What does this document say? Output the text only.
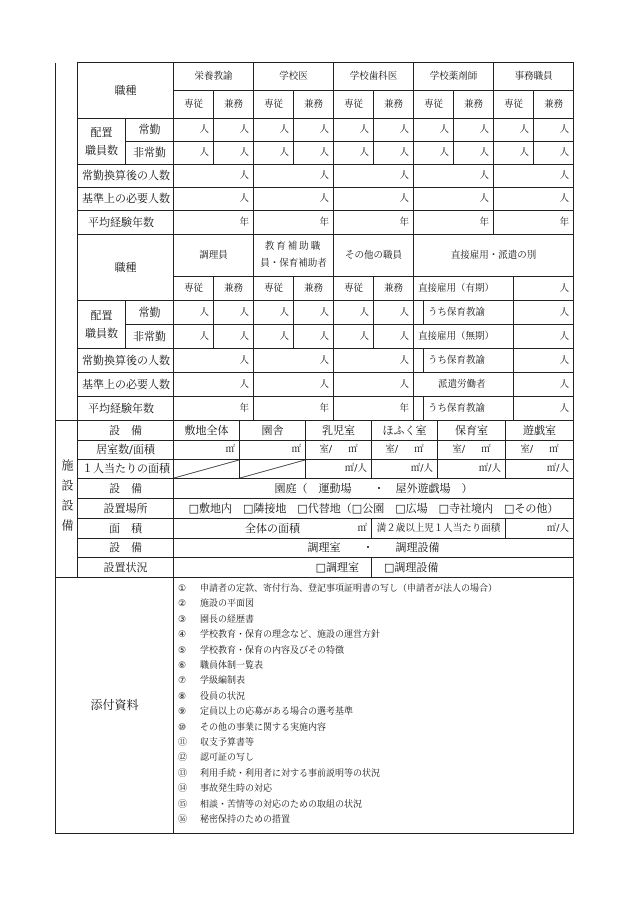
	職種		栄養教諭		学校医		学校歯科医		学校薬剤師		事務職員	
			専従	兼務	専従	兼務	専従	兼務	専従	兼務	専従	兼務
	配置
職員数	常勤	人	人	人	人	人	人	人	人	人	人
		非常勤	人	人	人	人	人	人	人	人	人	人
	常勤換算後の人数		人		人		人		人		人	
	基準上の必要人数		人		人		人		人		人	
	平均経験年数		年		年		年		年		年	
	職種		調理員		教育補助職
員・保育補助者		その他の職員		直接雇用・派遣の別		
			専従	兼務	専従	兼務	専従	兼務	直接雇用（有期）		人
	配置
職員数	常勤	人	人	人	人	人	人		うち保育教諭	人
		非常勤	人	人	人	人	人	人	直接雇用（無期）		人
	常勤換算後の人数		人		人		人			うち保育教諭	人
	基準上の必要人数		人		人		人		派遣労働者		人
	平均経験年数		年		年		年			うち保育教諭	人
施設設備	設　備	敷地全体	園舎	乳児室	ほふく室	保育室	遊戯室
	居室数/面積	㎡	㎡	室/ ㎡	室/ ㎡	室/ ㎡	室/ ㎡
	１人当たりの面積			㎡/人	㎡/人	㎡/人	㎡/人
	設　備	園庭（　運動場　　・　屋外遊戯場　）					
	設置場所	□敷地内　□隣接地　□代替地（□公園　□広場　□寺社境内　□その他）					
	面　積	全体の面積 ㎡			満２歳以上児１人当たり面積		㎡/人
	設　備	調理室　　・　　調理設備					
	設置状況	□調理室			□調理設備		
添付資料	
① 申請者の定款、寄付行為、登記事項証明書の写し（申請者が法人の場合）
② 施設の平面図
③ 園長の経歴書
④ 学校教育・保育の理念など、施設の運営方針
⑤ 学校教育・保育の内容及びその特徴
⑥ 職員体制一覧表
⑦ 学級編制表
⑧ 役員の状況
⑨ 定員以上の応募がある場合の選考基準
⑩ その他の事業に関する実施内容
⑪ 収支予算書等
⑫ 認可証の写し
⑬ 利用手続・利用者に対する事前説明等の状況
⑭ 事故発生時の対応
⑮ 相談・苦情等の対応のための取組の状況
⑯ 秘密保持のための措置
